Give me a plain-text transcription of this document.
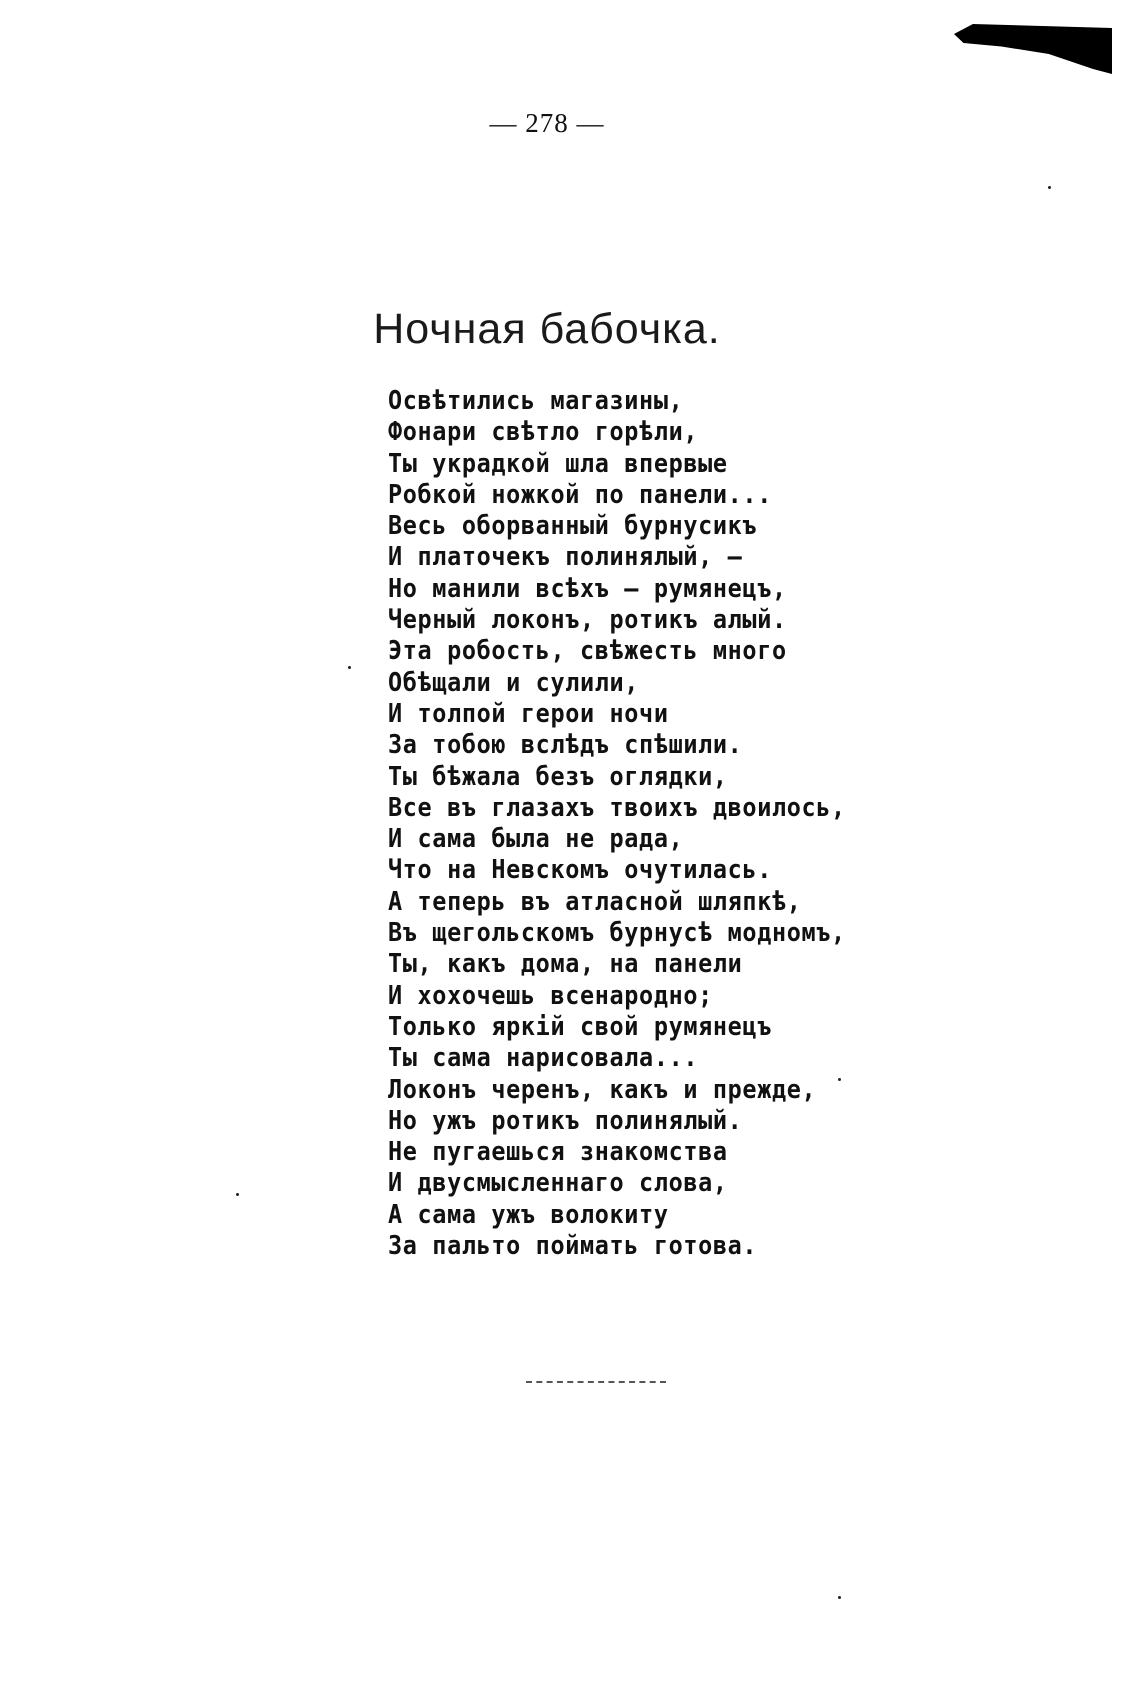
— 278 —
Ночная бабочка.
Освѣтились магазины,
Фонари свѣтло горѣли,
Ты украдкой шла впервые
Робкой ножкой по панели...
Весь оборванный бурнусикъ
И платочекъ полинялый, —
Но манили всѣхъ — румянецъ,
Черный локонъ, ротикъ алый.
Эта робость, свѣжесть много
Обѣщали и сулили,
И толпой герои ночи
За тобою вслѣдъ спѣшили.
Ты бѣжала безъ оглядки,
Все въ глазахъ твоихъ двоилось,
И сама была не рада,
Что на Невскомъ очутилась.
А теперь въ атласной шляпкѣ,
Въ щегольскомъ бурнусѣ модномъ,
Ты, какъ дома, на панели
И хохочешь всенародно;
Только яркій свой румянецъ
Ты сама нарисовала...
Локонъ черенъ, какъ и прежде,
Но ужъ ротикъ полинялый.
Не пугаешься знакомства
И двусмысленнаго слова,
А сама ужъ волокиту
За пальто поймать готова.
